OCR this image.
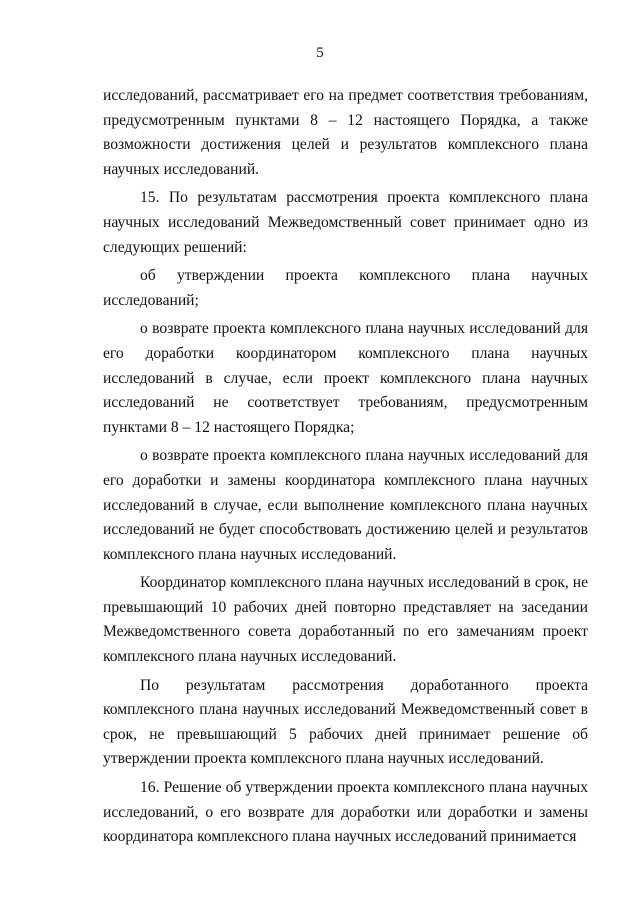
5

исследований, рассматривает его на предмет соответствия требованиям, предусмотренным пунктами 8 – 12 настоящего Порядка, а также возможности достижения целей и результатов комплексного плана научных исследований.

15. По результатам рассмотрения проекта комплексного плана научных исследований Межведомственный совет принимает одно из следующих решений:

об утверждении проекта комплексного плана научных исследований;

о возврате проекта комплексного плана научных исследований для его доработки координатором комплексного плана научных исследований в случае, если проект комплексного плана научных исследований не соответствует требованиям, предусмотренным пунктами 8 – 12 настоящего Порядка;

о возврате проекта комплексного плана научных исследований для его доработки и замены координатора комплексного плана научных исследований в случае, если выполнение комплексного плана научных исследований не будет способствовать достижению целей и результатов комплексного плана научных исследований.

Координатор комплексного плана научных исследований в срок, не превышающий 10 рабочих дней повторно представляет на заседании Межведомственного совета доработанный по его замечаниям проект комплексного плана научных исследований.

По результатам рассмотрения доработанного проекта комплексного плана научных исследований Межведомственный совет в срок, не превышающий 5 рабочих дней принимает решение об утверждении проекта комплексного плана научных исследований.

16. Решение об утверждении проекта комплексного плана научных исследований, о его возврате для доработки или доработки и замены координатора комплексного плана научных исследований принимается
